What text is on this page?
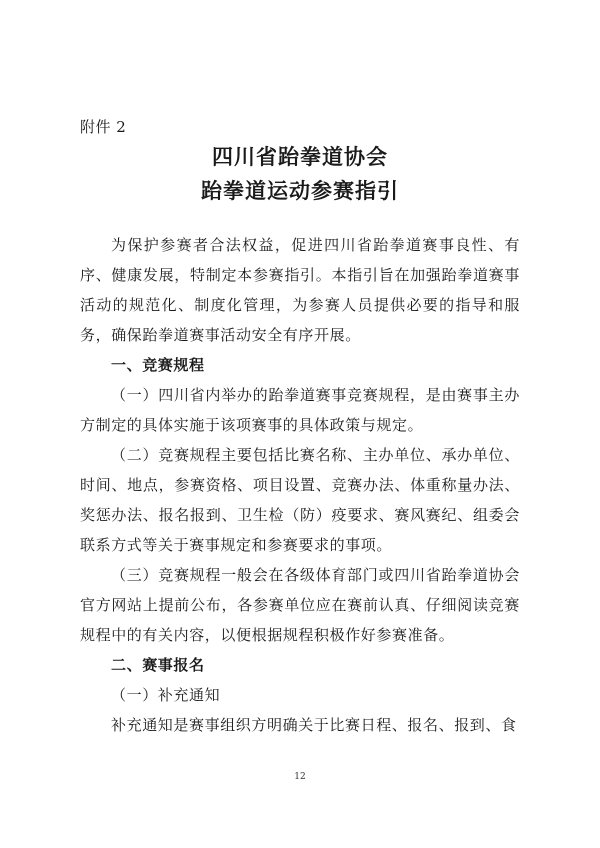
附件 2
四川省跆拳道协会
跆拳道运动参赛指引

为保护参赛者合法权益，促进四川省跆拳道赛事良性、有序、健康发展，特制定本参赛指引。本指引旨在加强跆拳道赛事活动的规范化、制度化管理，为参赛人员提供必要的指导和服务，确保跆拳道赛事活动安全有序开展。

一、竞赛规程

（一）四川省内举办的跆拳道赛事竞赛规程，是由赛事主办方制定的具体实施于该项赛事的具体政策与规定。

（二）竞赛规程主要包括比赛名称、主办单位、承办单位、时间、地点，参赛资格、项目设置、竞赛办法、体重称量办法、奖惩办法、报名报到、卫生检（防）疫要求、赛风赛纪、组委会联系方式等关于赛事规定和参赛要求的事项。

（三）竞赛规程一般会在各级体育部门或四川省跆拳道协会官方网站上提前公布，各参赛单位应在赛前认真、仔细阅读竞赛规程中的有关内容，以便根据规程积极作好参赛准备。

二、赛事报名

（一）补充通知

补充通知是赛事组织方明确关于比赛日程、报名、报到、食

12
